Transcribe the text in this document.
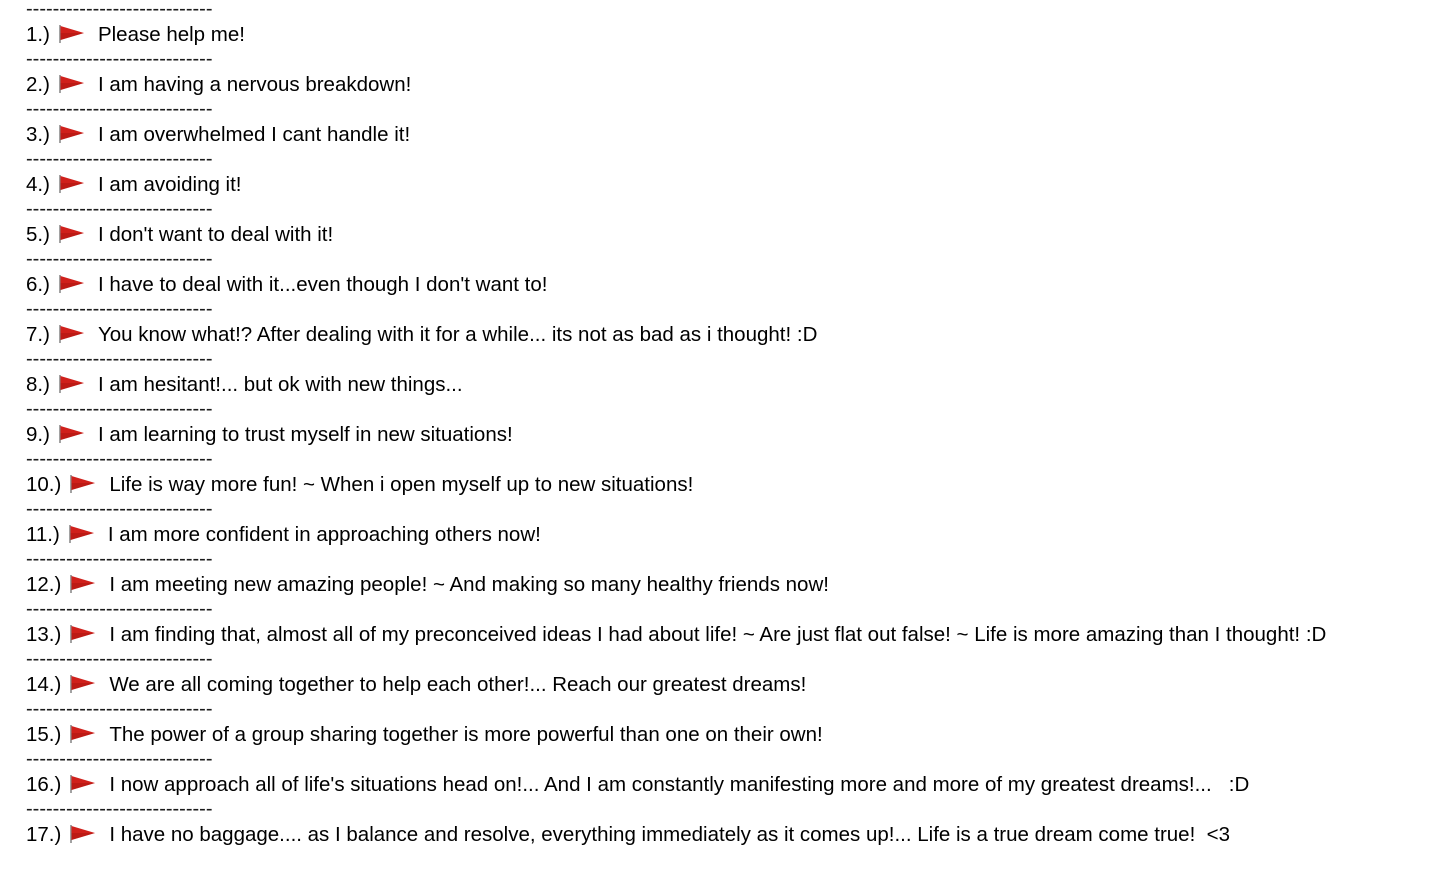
----------------------------
1.) Please help me!
----------------------------
2.) I am having a nervous breakdown!
----------------------------
3.) I am overwhelmed I cant handle it!
----------------------------
4.) I am avoiding it!
----------------------------
5.) I don't want to deal with it!
----------------------------
6.) I have to deal with it...even though I don't want to!
----------------------------
7.) You know what!? After dealing with it for a while... its not as bad as i thought! :D
----------------------------
8.) I am hesitant!... but ok with new things...
----------------------------
9.) I am learning to trust myself in new situations!
----------------------------
10.) Life is way more fun! ~ When i open myself up to new situations!
----------------------------
11.) I am more confident in approaching others now!
----------------------------
12.) I am meeting new amazing people! ~ And making so many healthy friends now!
----------------------------
13.) I am finding that, almost all of my preconceived ideas I had about life! ~ Are just flat out false! ~ Life is more amazing than I thought! :D
----------------------------
14.) We are all coming together to help each other!... Reach our greatest dreams!
----------------------------
15.) The power of a group sharing together is more powerful than one on their own!
----------------------------
16.) I now approach all of life's situations head on!... And I am constantly manifesting more and more of my greatest dreams!...   :D
----------------------------
17.) I have no baggage.... as I balance and resolve, everything immediately as it comes up!... Life is a true dream come true!  <3
